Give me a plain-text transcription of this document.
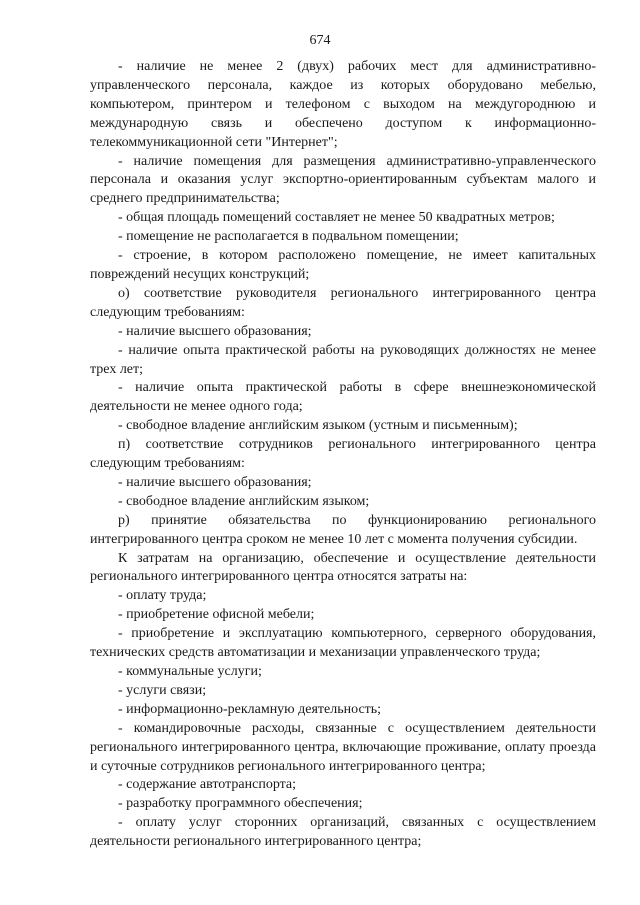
674

- наличие не менее 2 (двух) рабочих мест для административно-управленческого персонала, каждое из которых оборудовано мебелью, компьютером, принтером и телефоном с выходом на междугороднюю и международную связь и обеспечено доступом к информационно-телекоммуникационной сети "Интернет";

- наличие помещения для размещения административно-управленческого персонала и оказания услуг экспортно-ориентированным субъектам малого и среднего предпринимательства;

- общая площадь помещений составляет не менее 50 квадратных метров;

- помещение не располагается в подвальном помещении;

- строение, в котором расположено помещение, не имеет капитальных повреждений несущих конструкций;

о) соответствие руководителя регионального интегрированного центра следующим требованиям:

- наличие высшего образования;

- наличие опыта практической работы на руководящих должностях не менее трех лет;

- наличие опыта практической работы в сфере внешнеэкономической деятельности не менее одного года;

- свободное владение английским языком (устным и письменным);

п) соответствие сотрудников регионального интегрированного центра следующим требованиям:

- наличие высшего образования;

- свободное владение английским языком;

р) принятие обязательства по функционированию регионального интегрированного центра сроком не менее 10 лет с момента получения субсидии.

К затратам на организацию, обеспечение и осуществление деятельности регионального интегрированного центра относятся затраты на:

- оплату труда;

- приобретение офисной мебели;

- приобретение и эксплуатацию компьютерного, серверного оборудования, технических средств автоматизации и механизации управленческого труда;

- коммунальные услуги;

- услуги связи;

- информационно-рекламную деятельность;

- командировочные расходы, связанные с осуществлением деятельности регионального интегрированного центра, включающие проживание, оплату проезда и суточные сотрудников регионального интегрированного центра;

- содержание автотранспорта;

- разработку программного обеспечения;

- оплату услуг сторонних организаций, связанных с осуществлением деятельности регионального интегрированного центра;
